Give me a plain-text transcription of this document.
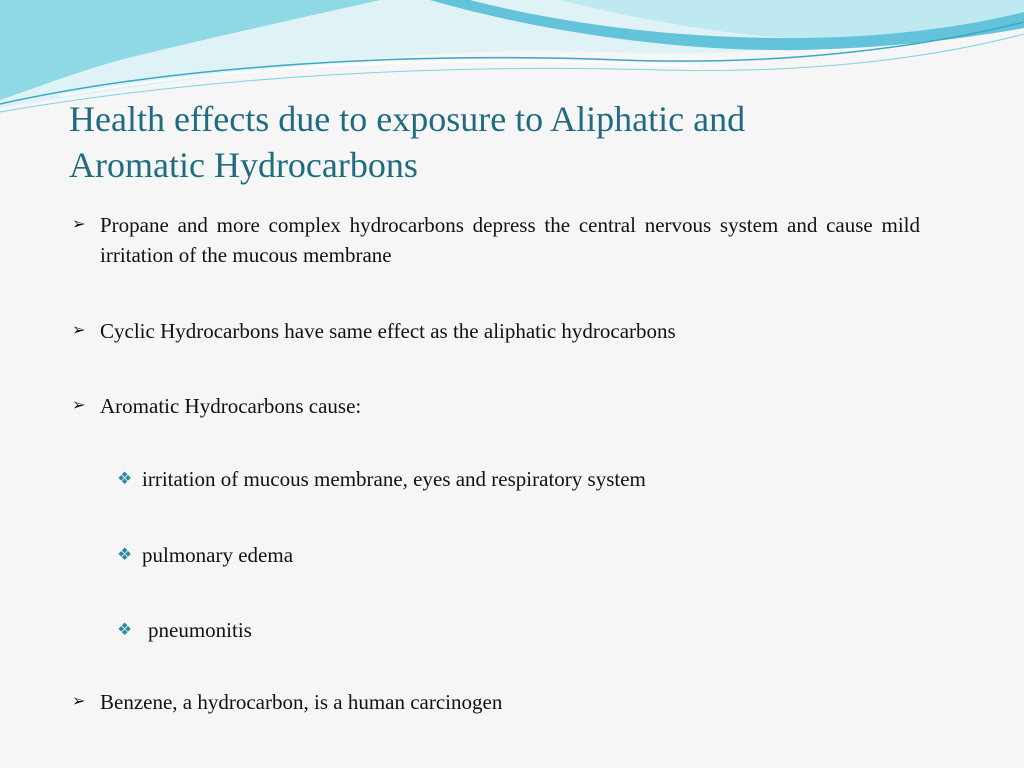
Health effects due to exposure to Aliphatic and
Aromatic Hydrocarbons
➢ Propane and more complex hydrocarbons depress the central nervous system and cause mild irritation of the mucous membrane
➢ Cyclic Hydrocarbons have same effect as the aliphatic hydrocarbons
➢ Aromatic Hydrocarbons cause:
❖ irritation of mucous membrane, eyes and respiratory system
❖ pulmonary edema
❖ pneumonitis
➢ Benzene, a hydrocarbon, is a human carcinogen
